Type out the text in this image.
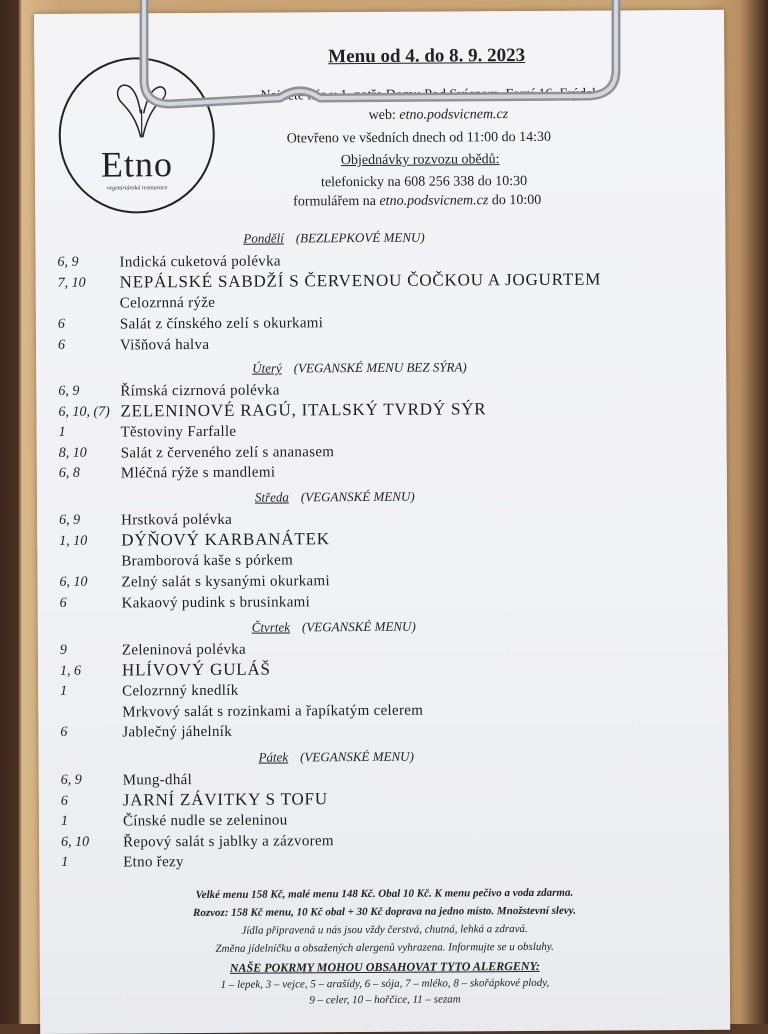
Etno
vegetariánská restaurace
Menu od 4. do 8. 9. 2023
Najdete nás v 1. patře Domu Pod Svícnem, Farní 16, Frýdek
web: etno.podsvicnem.cz
Otevřeno ve všedních dnech od 11:00 do 14:30
Objednávky rozvozu obědů:
telefonicky na 608 256 338 do 10:30
formulářem na etno.podsvicnem.cz do 10:00
Pondělí (BEZLEPKOVÉ MENU)
6, 9	Indická cuketová polévka
7, 10 NEPÁLSKÉ SABDŽÍ S ČERVENOU ČOČKOU A JOGURTEM
Celozrnná rýže
6	Salát z čínského zelí s okurkami
6	Višňová halva
Úterý (VEGANSKÉ MENU BEZ SÝRA)
6, 9	Římská cizrnová polévka
6, 10, (7) ZELENINOVÉ RAGÚ, ITALSKÝ TVRDÝ SÝR
1	Těstoviny Farfalle
8, 10 Salát z červeného zelí s ananasem
6, 8	Mléčná rýže s mandlemi
Středa (VEGANSKÉ MENU)
6, 9	Hrstková polévka
1, 10 DÝŇOVÝ KARBANÁTEK
Bramborová kaše s pórkem
6, 10 Zelný salát s kysanými okurkami
6	Kakaový pudink s brusinkami
Čtvrtek (VEGANSKÉ MENU)
9	Zeleninová polévka
1, 6 HLÍVOVÝ GULÁŠ
1	Celozrnný knedlík
Mrkvový salát s rozinkami a řapíkatým celerem
6	Jablečný jáhelník
Pátek (VEGANSKÉ MENU)
6, 9	Mung-dhál
6	JARNÍ ZÁVITKY S TOFU
1	Čínské nudle se zeleninou
6, 10 Řepový salát s jablky a zázvorem
1	Etno řezy
Velké menu 158 Kč, malé menu 148 Kč. Obal 10 Kč. K menu pečivo a voda zdarma.
Rozvoz: 158 Kč menu, 10 Kč obal + 30 Kč doprava na jedno místo. Množstevní slevy.
Jídla připravená u nás jsou vždy čerstvá, chutná, lehká a zdravá.
Změna jídelníčku a obsažených alergenů vyhrazena. Informujte se u obsluhy.
NAŠE POKRMY MOHOU OBSAHOVAT TYTO ALERGENY:
1 – lepek, 3 – vejce, 5 – arašídy, 6 – sója, 7 – mléko, 8 – skořápkové plody,
9 – celer, 10 – hořčice, 11 – sezam
